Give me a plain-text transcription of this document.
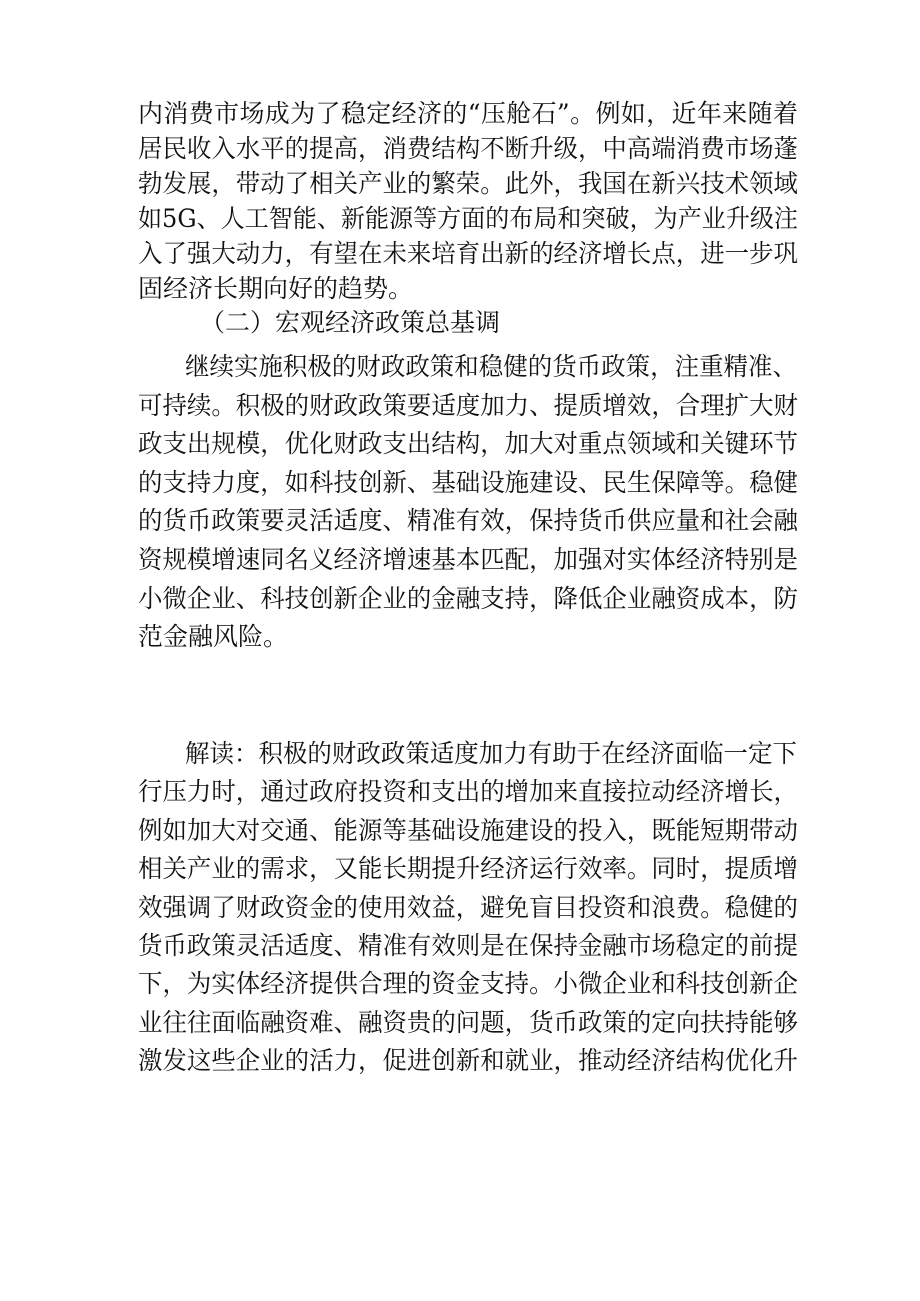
内消费市场成为了稳定经济的“压舱石”。例如，近年来随着
居民收入水平的提高，消费结构不断升级，中高端消费市场蓬
勃发展，带动了相关产业的繁荣。此外，我国在新兴技术领域
如5G、人工智能、新能源等方面的布局和突破，为产业升级注
入了强大动力，有望在未来培育出新的经济增长点，进一步巩
固经济长期向好的趋势。
（二）宏观经济政策总基调
继续实施积极的财政政策和稳健的货币政策，注重精准、
可持续。积极的财政政策要适度加力、提质增效，合理扩大财
政支出规模，优化财政支出结构，加大对重点领域和关键环节
的支持力度，如科技创新、基础设施建设、民生保障等。稳健
的货币政策要灵活适度、精准有效，保持货币供应量和社会融
资规模增速同名义经济增速基本匹配，加强对实体经济特别是
小微企业、科技创新企业的金融支持，降低企业融资成本，防
范金融风险。
解读：积极的财政政策适度加力有助于在经济面临一定下
行压力时，通过政府投资和支出的增加来直接拉动经济增长，
例如加大对交通、能源等基础设施建设的投入，既能短期带动
相关产业的需求，又能长期提升经济运行效率。同时，提质增
效强调了财政资金的使用效益，避免盲目投资和浪费。稳健的
货币政策灵活适度、精准有效则是在保持金融市场稳定的前提
下，为实体经济提供合理的资金支持。小微企业和科技创新企
业往往面临融资难、融资贵的问题，货币政策的定向扶持能够
激发这些企业的活力，促进创新和就业，推动经济结构优化升
